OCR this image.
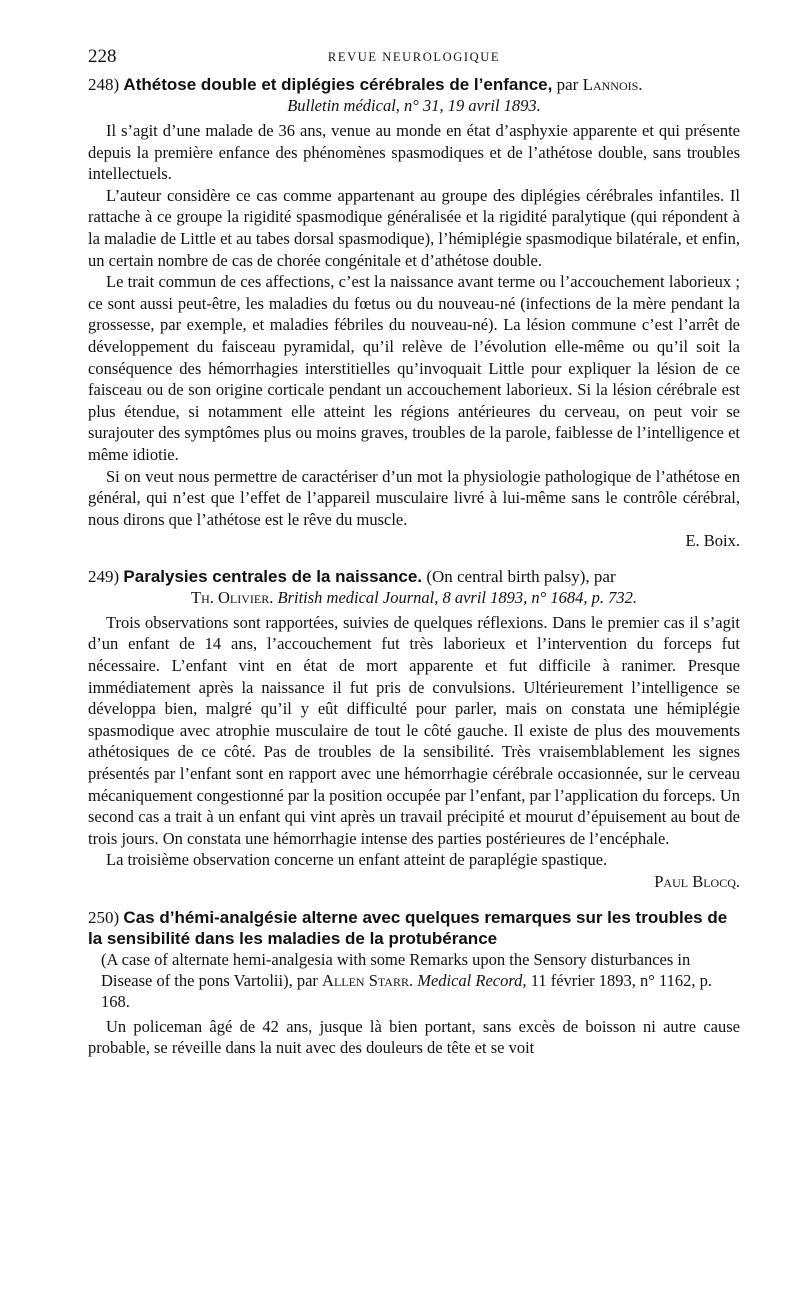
228	REVUE NEUROLOGIQUE
248) Athétose double et diplégies cérébrales de l’enfance, par Lannois.
Bulletin médical, n° 31, 19 avril 1893.

Il s’agit d’une malade de 36 ans, venue au monde en état d’asphyxie apparente et qui présente depuis la première enfance des phénomènes spasmodiques et de l’athétose double, sans troubles intellectuels.

L’auteur considère ce cas comme appartenant au groupe des diplégies cérébrales infantiles. Il rattache à ce groupe la rigidité spasmodique généralisée et la rigidité paralytique (qui répondent à la maladie de Little et au tabes dorsal spasmodique), l’hémiplégie spasmodique bilatérale, et enfin, un certain nombre de cas de chorée congénitale et d’athétose double.

Le trait commun de ces affections, c’est la naissance avant terme ou l’accouchement laborieux ; ce sont aussi peut-être, les maladies du fœtus ou du nouveau-né (infections de la mère pendant la grossesse, par exemple, et maladies fébriles du nouveau-né). La lésion commune c’est l’arrêt de développement du faisceau pyramidal, qu’il relève de l’évolution elle-même ou qu’il soit la conséquence des hémorrhagies interstitielles qu’invoquait Little pour expliquer la lésion de ce faisceau ou de son origine corticale pendant un accouchement laborieux. Si la lésion cérébrale est plus étendue, si notamment elle atteint les régions antérieures du cerveau, on peut voir se surajouter des symptômes plus ou moins graves, troubles de la parole, faiblesse de l’intelligence et même idiotie.

Si on veut nous permettre de caractériser d’un mot la physiologie pathologique de l’athétose en général, qui n’est que l’effet de l’appareil musculaire livré à lui-même sans le contrôle cérébral, nous dirons que l’athétose est le rêve du muscle.

E. Boix.
249) Paralysies centrales de la naissance. (On central birth palsy), par
Th. Olivier. British medical Journal, 8 avril 1893, n° 1684, p. 732.

Trois observations sont rapportées, suivies de quelques réflexions. Dans le premier cas il s’agit d’un enfant de 14 ans, l’accouchement fut très laborieux et l’intervention du forceps fut nécessaire. L’enfant vint en état de mort apparente et fut difficile à ranimer. Presque immédiatement après la naissance il fut pris de convulsions. Ultérieurement l’intelligence se développa bien, malgré qu’il y eût difficulté pour parler, mais on constata une hémiplégie spasmodique avec atrophie musculaire de tout le côté gauche. Il existe de plus des mouvements athétosiques de ce côté. Pas de troubles de la sensibilité. Très vraisemblablement les signes présentés par l’enfant sont en rapport avec une hémorrhagie cérébrale occasionnée, sur le cerveau mécaniquement congestionné par la position occupée par l’enfant, par l’application du forceps. Un second cas a trait à un enfant qui vint après un travail précipité et mourut d’épuisement au bout de trois jours. On constata une hémorrhagie intense des parties postérieures de l’encéphale.

La troisième observation concerne un enfant atteint de paraplégie spastique.

Paul Blocq.
250) Cas d’hémi-analgésie alterne avec quelques remarques sur les troubles de la sensibilité dans les maladies de la protubérance
(A case of alternate hemi-analgesia with some Remarks upon the Sensory disturbances in Disease of the pons Vartolii), par Allen Starr. Medical Record, 11 février 1893, n° 1162, p. 168.

Un policeman âgé de 42 ans, jusque là bien portant, sans excès de boisson ni autre cause probable, se réveille dans la nuit avec des douleurs de tête et se voit
